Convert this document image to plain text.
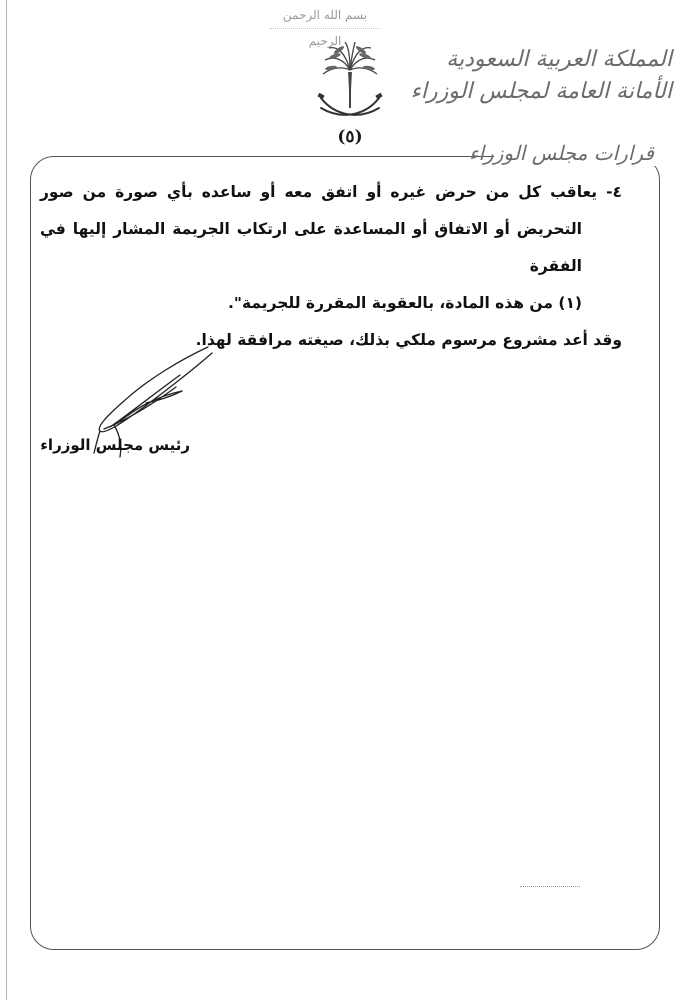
بسم الله الرحمن الرحيم
(٥)
المملكة العربية السعودية
الأمانة العامة لمجلس الوزراء
قرارات مجلس الوزراء

٤- يعاقب كل من حرض غيره أو اتفق معه أو ساعده بأي صورة من صور

التحريض أو الاتفاق أو المساعدة على ارتكاب الجريمة المشار إليها في الفقرة

(١) من هذه المادة، بالعقوبة المقررة للجريمة".

وقد أعد مشروع مرسوم ملكي بذلك، صيغته مرافقة لهذا.

رئيس مجلس الوزراء
